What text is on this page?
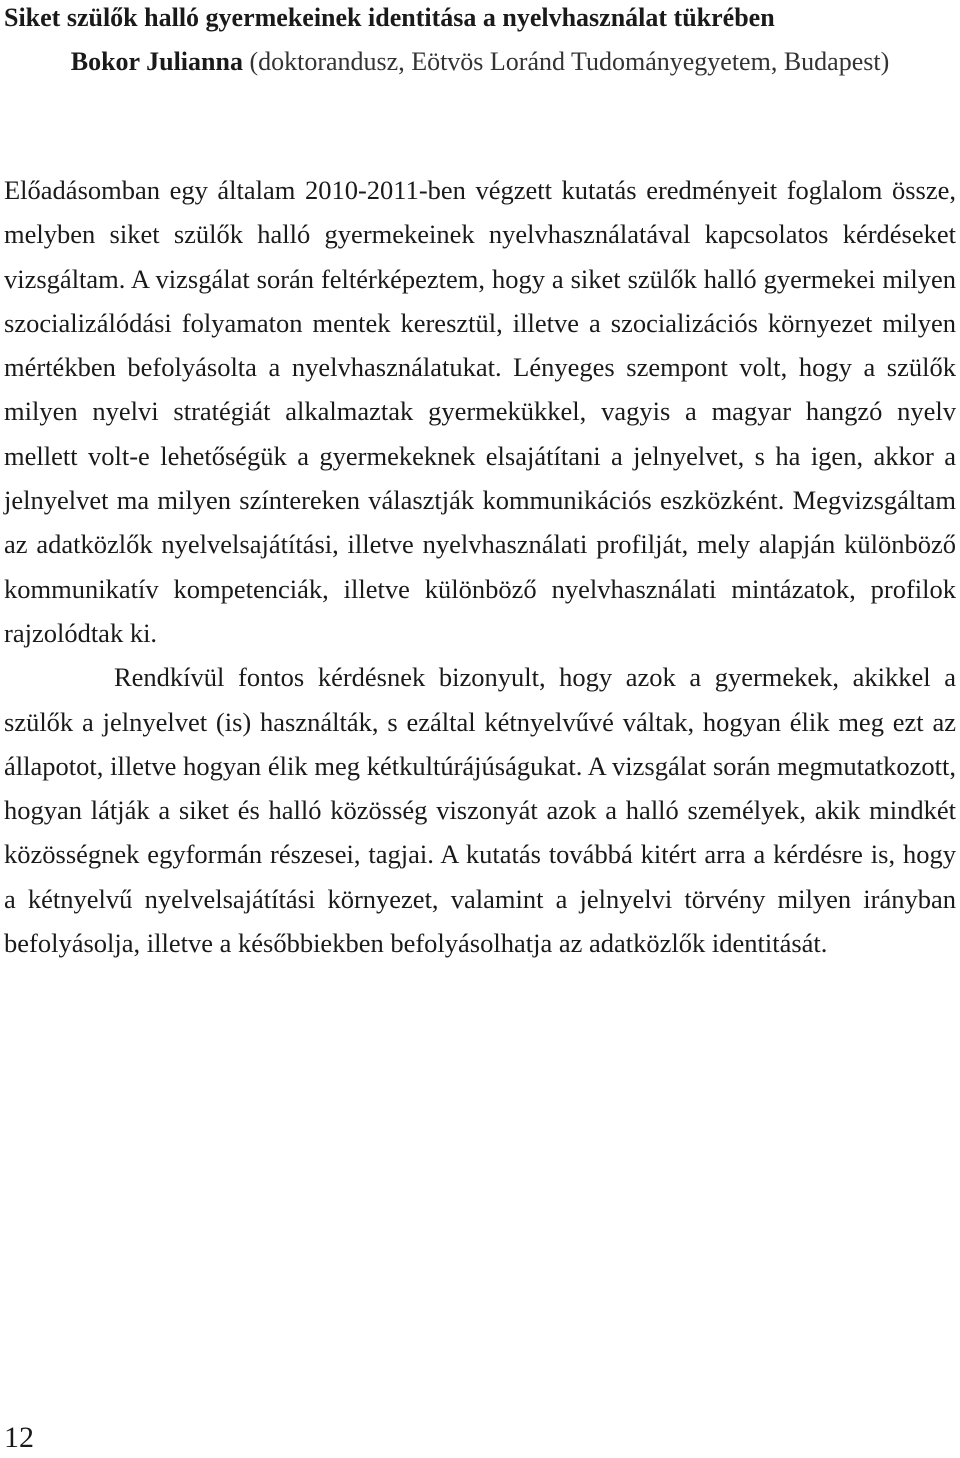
Siket szülők halló gyermekeinek identitása a nyelvhasználat tükrében
Bokor Julianna (doktorandusz, Eötvös Loránd Tudományegyetem, Budapest)

Előadásomban egy általam 2010-2011-ben végzett kutatás eredményeit foglalom össze, melyben siket szülők halló gyermekeinek nyelvhasználatával kapcsolatos kérdéseket vizsgáltam. A vizsgálat során feltérképeztem, hogy a siket szülők halló gyermekei milyen szocializálódási folyamaton mentek keresztül, illetve a szocializációs környezet milyen mértékben befolyásolta a nyelvhasználatukat. Lényeges szempont volt, hogy a szülők milyen nyelvi stratégiát alkalmaztak gyermekükkel, vagyis a magyar hangzó nyelv mellett volt-e lehetőségük a gyermekeknek elsajátítani a jelnyelvet, s ha igen, akkor a jelnyelvet ma milyen színtereken választják kommunikációs eszközként. Megvizsgáltam az adatközlők nyelvelsajátítási, illetve nyelvhasználati profilját, mely alapján különböző kommunikatív kompetenciák, illetve különböző nyelvhasználati mintázatok, profilok rajzolódtak ki.

Rendkívül fontos kérdésnek bizonyult, hogy azok a gyermekek, akikkel a szülők a jelnyelvet (is) használták, s ezáltal kétnyelvűvé váltak, hogyan élik meg ezt az állapotot, illetve hogyan élik meg kétkultúrájúságukat. A vizsgálat során megmutatkozott, hogyan látják a siket és halló közösség viszonyát azok a halló személyek, akik mindkét közösségnek egyformán részesei, tagjai. A kutatás továbbá kitért arra a kérdésre is, hogy a kétnyelvű nyelvelsajátítási környezet, valamint a jelnyelvi törvény milyen irányban befolyásolja, illetve a későbbiekben befolyásolhatja az adatközlők identitását.

12
